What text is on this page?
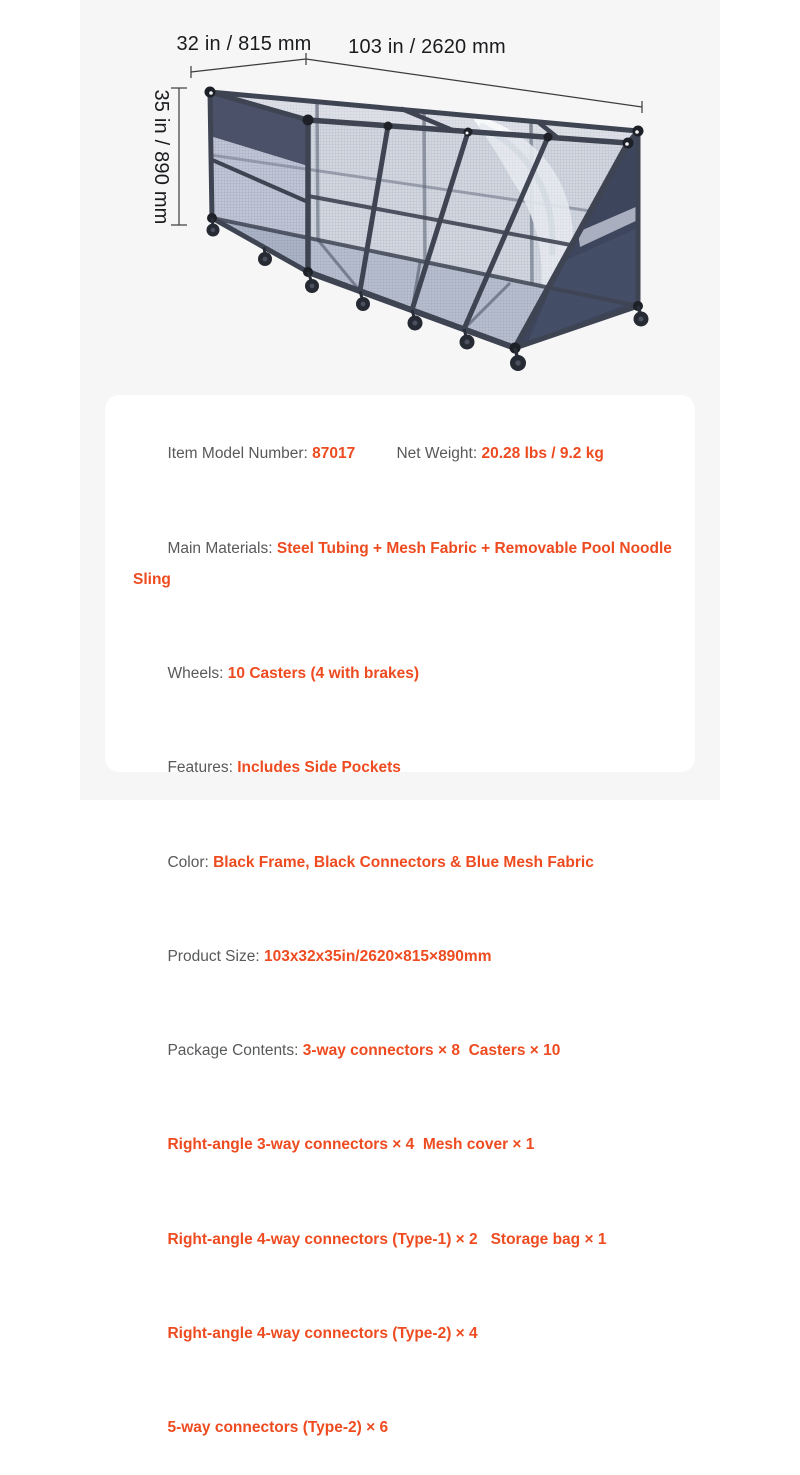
32 in / 815 mm 103 in / 2620 mm
35 in / 890 mm

Item Model Number: 87017	Net Weight: 20.28 lbs / 9.2 kg

Main Materials: Steel Tubing + Mesh Fabric + Removable Pool Noodle Sling

Wheels: 10 Casters (4 with brakes)

Features: Includes Side Pockets

Color: Black Frame, Black Connectors & Blue Mesh Fabric

Product Size: 103x32x35in/2620×815×890mm

Package Contents: 3-way connectors × 8  Casters × 10

Right-angle 3-way connectors × 4  Mesh cover × 1

Right-angle 4-way connectors (Type-1) × 2   Storage bag × 1

Right-angle 4-way connectors (Type-2) × 4

5-way connectors (Type-2) × 6
